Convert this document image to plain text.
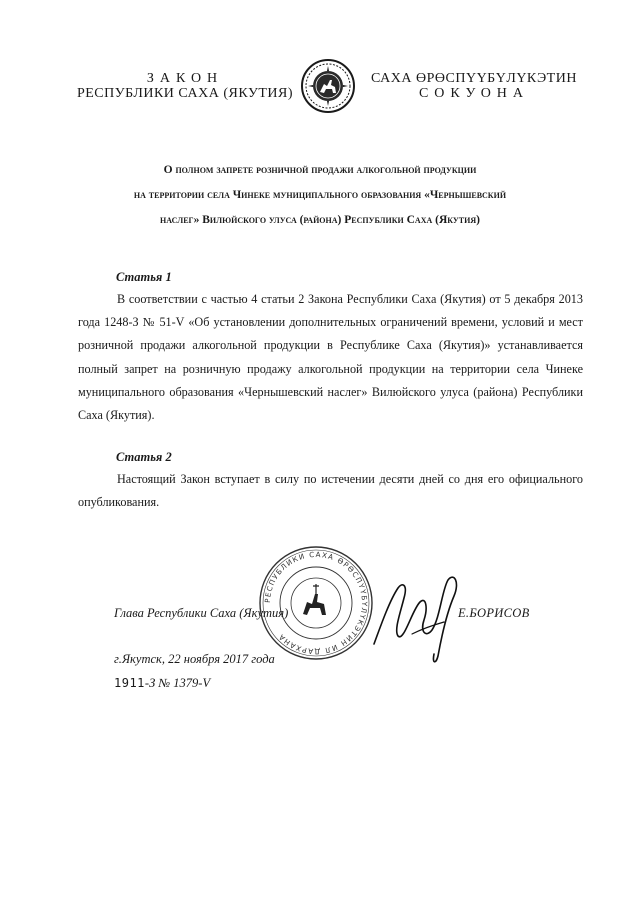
ЗАКОН
РЕСПУБЛИКИ САХА (ЯКУТИЯ)
САХА ӨРӨСПҮҮБҮЛҮКЭТИН
СОКУОНА
О полном запрете розничной продажи алкогольной продукции
на территории села Чинеке муниципального образования «Чернышевский
наслег» Вилюйского улуса (района) Республики Саха (Якутия)
Статья 1
В соответствии с частью 4 статьи 2 Закона Республики Саха (Якутия) от 5 декабря 2013 года 1248-З № 51-V «Об установлении дополнительных ограничений времени, условий и мест розничной продажи алкогольной продукции в Республике Саха (Якутия)» устанавливается полный запрет на розничную продажу алкогольной продукции на территории села Чинеке муниципального образования «Чернышевский наслег» Вилюйского улуса (района) Республики Саха (Якутия).
Статья 2
Настоящий Закон вступает в силу по истечении десяти дней со дня его официального опубликования.
РЕСПУБЛИКИ САХА ӨРӨСПҮҮБҮЛҮКЭТИН ИЛ ДАРХАНА
Глава Республики Саха (Якутия)	Е.БОРИСОВ
г.Якутск, 22 ноября 2017 года
1911-З № 1379-V
